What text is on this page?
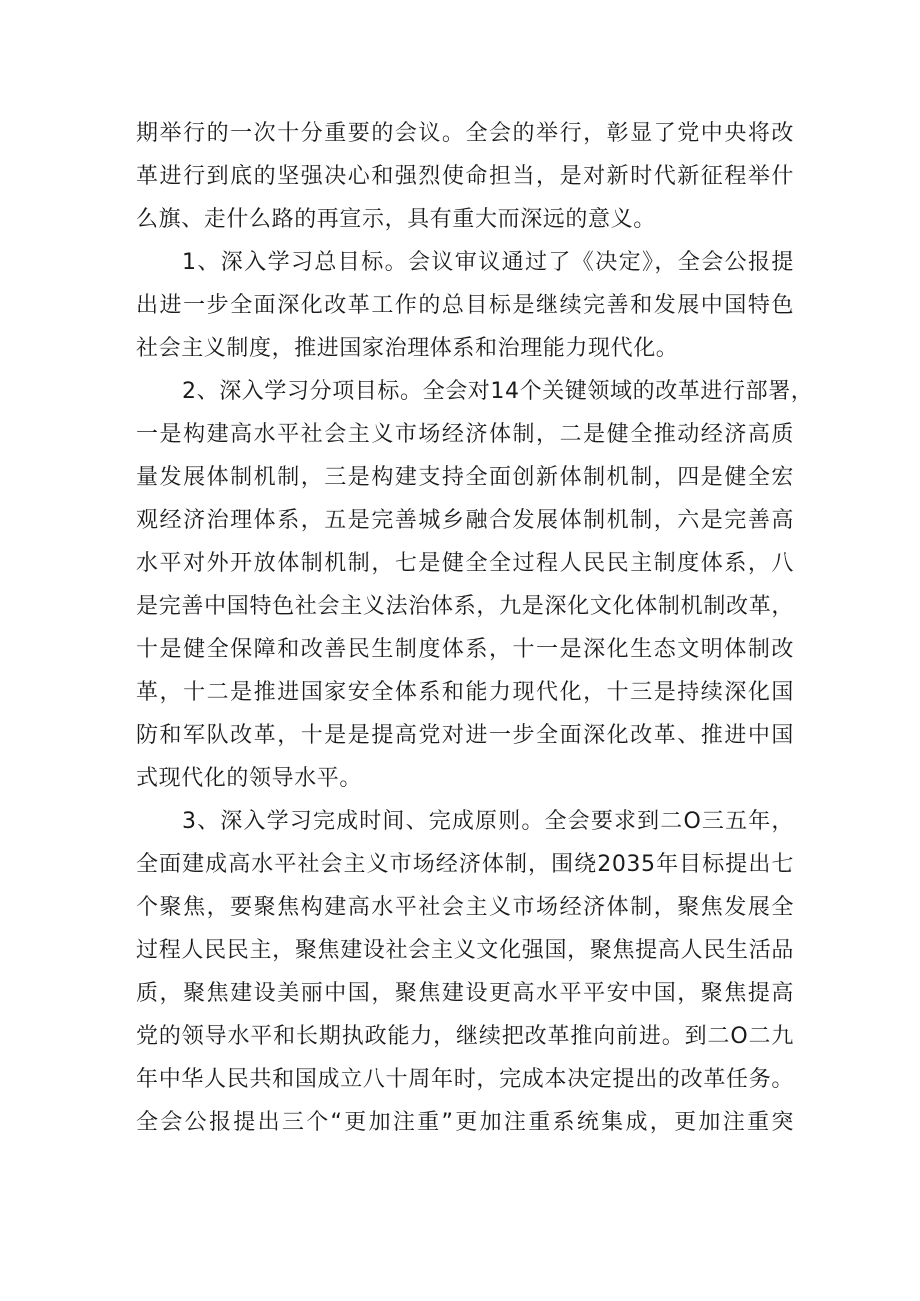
期举行的一次十分重要的会议。全会的举行，彰显了党中央将改
革进行到底的坚强决心和强烈使命担当，是对新时代新征程举什
么旗、走什么路的再宣示，具有重大而深远的意义。
1、深入学习总目标。会议审议通过了《决定》，全会公报提
出进一步全面深化改革工作的总目标是继续完善和发展中国特色
社会主义制度，推进国家治理体系和治理能力现代化。
2、深入学习分项目标。全会对14个关键领域的改革进行部署，
一是构建高水平社会主义市场经济体制，二是健全推动经济高质
量发展体制机制，三是构建支持全面创新体制机制，四是健全宏
观经济治理体系，五是完善城乡融合发展体制机制，六是完善高
水平对外开放体制机制，七是健全全过程人民民主制度体系，八
是完善中国特色社会主义法治体系，九是深化文化体制机制改革，
十是健全保障和改善民生制度体系，十一是深化生态文明体制改
革，十二是推进国家安全体系和能力现代化，十三是持续深化国
防和军队改革，十是是提高党对进一步全面深化改革、推进中国
式现代化的领导水平。
3、深入学习完成时间、完成原则。全会要求到二O三五年，
全面建成高水平社会主义市场经济体制，围绕2035年目标提出七
个聚焦，要聚焦构建高水平社会主义市场经济体制，聚焦发展全
过程人民民主，聚焦建设社会主义文化强国，聚焦提高人民生活品
质，聚焦建设美丽中国，聚焦建设更高水平平安中国，聚焦提高
党的领导水平和长期执政能力，继续把改革推向前进。到二O二九
年中华人民共和国成立八十周年时，完成本决定提出的改革任务。
全会公报提出三个“更加注重”更加注重系统集成，更加注重突
